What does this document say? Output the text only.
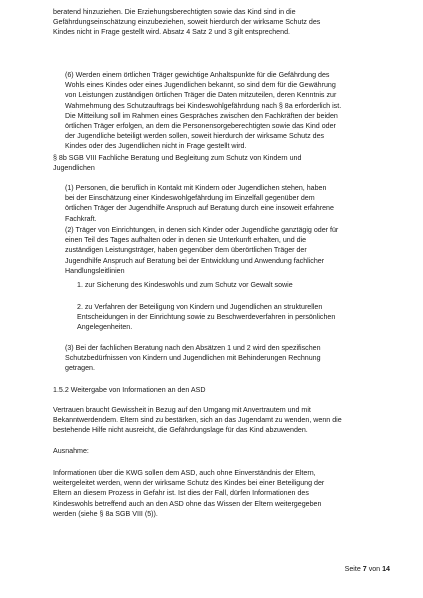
beratend hinzuziehen. Die Erziehungsberechtigten sowie das Kind sind in die
Gefährdungseinschätzung einzubeziehen, soweit hierdurch der wirksame Schutz des
Kindes nicht in Frage gestellt wird. Absatz 4 Satz 2 und 3 gilt entsprechend.
(6) Werden einem örtlichen Träger gewichtige Anhaltspunkte für die Gefährdung des
Wohls eines Kindes oder eines Jugendlichen bekannt, so sind dem für die Gewährung
von Leistungen zuständigen örtlichen Träger die Daten mitzuteilen, deren Kenntnis zur
Wahrnehmung des Schutzauftrags bei Kindeswohlgefährdung nach § 8a erforderlich ist.
Die Mitteilung soll im Rahmen eines Gespräches zwischen den Fachkräften der beiden
örtlichen Träger erfolgen, an dem die Personensorgeberechtigten sowie das Kind oder
der Jugendliche beteiligt werden sollen, soweit hierdurch der wirksame Schutz des
Kindes oder des Jugendlichen nicht in Frage gestellt wird.
§ 8b SGB VIII Fachliche Beratung und Begleitung zum Schutz von Kindern und
Jugendlichen
(1) Personen, die beruflich in Kontakt mit Kindern oder Jugendlichen stehen, haben
bei der Einschätzung einer Kindeswohlgefährdung im Einzelfall gegenüber dem
örtlichen Träger der Jugendhilfe Anspruch auf Beratung durch eine insoweit erfahrene
Fachkraft.
(2) Träger von Einrichtungen, in denen sich Kinder oder Jugendliche ganztägig oder für
einen Teil des Tages aufhalten oder in denen sie Unterkunft erhalten, und die
zuständigen Leistungsträger, haben gegenüber dem überörtlichen Träger der
Jugendhilfe Anspruch auf Beratung bei der Entwicklung und Anwendung fachlicher
Handlungsleitlinien
1. zur Sicherung des Kindeswohls und zum Schutz vor Gewalt sowie
2. zu Verfahren der Beteiligung von Kindern und Jugendlichen an strukturellen
Entscheidungen in der Einrichtung sowie zu Beschwerdeverfahren in persönlichen
Angelegenheiten.
(3) Bei der fachlichen Beratung nach den Absätzen 1 und 2 wird den spezifischen
Schutzbedürfnissen von Kindern und Jugendlichen mit Behinderungen Rechnung
getragen.
1.5.2 Weitergabe von Informationen an den ASD
Vertrauen braucht Gewissheit in Bezug auf den Umgang mit Anvertrautem und mit
Bekanntwerdendem. Eltern sind zu bestärken, sich an das Jugendamt zu wenden, wenn die
bestehende Hilfe nicht ausreicht, die Gefährdungslage für das Kind abzuwenden.
Ausnahme:
Informationen über die KWG sollen dem ASD, auch ohne Einverständnis der Eltern,
weitergeleitet werden, wenn der wirksame Schutz des Kindes bei einer Beteiligung der
Eltern an diesem Prozess in Gefahr ist. Ist dies der Fall, dürfen Informationen des
Kindeswohls betreffend auch an den ASD ohne das Wissen der Eltern weitergegeben
werden (siehe § 8a SGB VIII (5)).
Seite 7 von 14
